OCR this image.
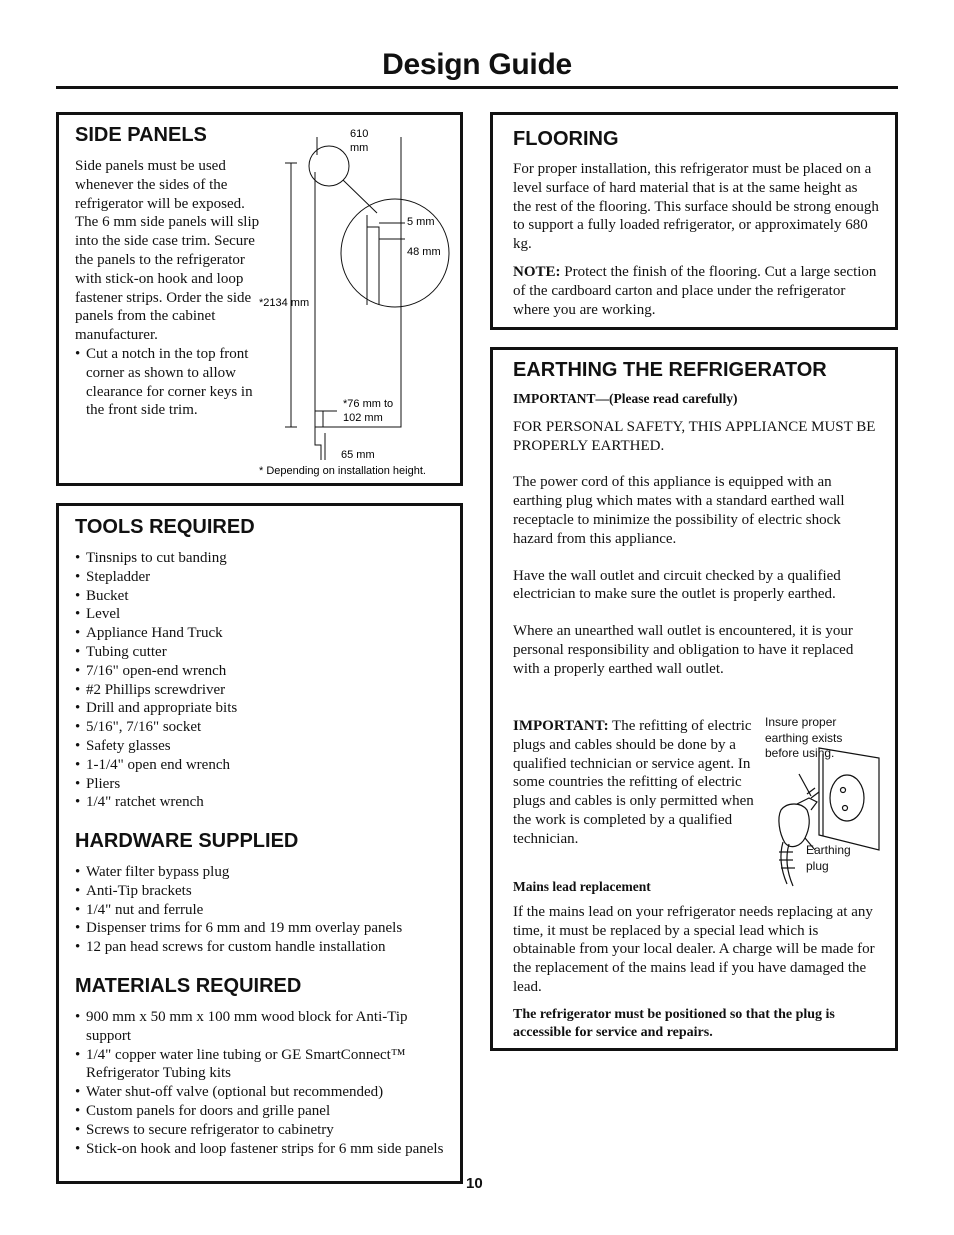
Design Guide
SIDE PANELS

Side panels must be used whenever the sides of the refrigerator will be exposed. The 6 mm side panels will slip into the side case trim. Secure the panels to the refrigerator with stick-on hook and loop fastener strips. Order the side panels from the cabinet manufacturer.

• Cut a notch in the top front corner as shown to allow clearance for corner keys in the front side trim.
610
mm
5 mm
48 mm
*2134 mm
*76 mm to
102 mm
65 mm
* Depending on installation height.
TOOLS REQUIRED
• Tinsnips to cut banding
• Stepladder
• Bucket
• Level
• Appliance Hand Truck
• Tubing cutter
• 7/16" open-end wrench
• #2 Phillips screwdriver
• Drill and appropriate bits
• 5/16", 7/16" socket
• Safety glasses
• 1-1/4" open end wrench
• Pliers
• 1/4" ratchet wrench
HARDWARE SUPPLIED
• Water filter bypass plug
• Anti-Tip brackets
• 1/4" nut and ferrule
• Dispenser trims for 6 mm and 19 mm overlay panels
• 12 pan head screws for custom handle installation
MATERIALS REQUIRED
• 900 mm x 50 mm x 100 mm wood block for Anti-Tip support
• 1/4" copper water line tubing or GE SmartConnect™ Refrigerator Tubing kits
• Water shut-off valve (optional but recommended)
• Custom panels for doors and grille panel
• Screws to secure refrigerator to cabinetry
• Stick-on hook and loop fastener strips for 6 mm side panels
FLOORING

For proper installation, this refrigerator must be placed on a level surface of hard material that is at the same height as the rest of the flooring. This surface should be strong enough to support a fully loaded refrigerator, or approximately 680 kg.

NOTE: Protect the finish of the flooring. Cut a large section of the cardboard carton and place under the refrigerator where you are working.

EARTHING THE REFRIGERATOR

IMPORTANT—(Please read carefully)

FOR PERSONAL SAFETY, THIS APPLIANCE MUST BE PROPERLY EARTHED.

The power cord of this appliance is equipped with an earthing plug which mates with a standard earthed wall receptacle to minimize the possibility of electric shock hazard from this appliance.

Have the wall outlet and circuit checked by a qualified electrician to make sure the outlet is properly earthed.

Where an unearthed wall outlet is encountered, it is your personal responsibility and obligation to have it replaced with a properly earthed wall outlet.

IMPORTANT: The refitting of electric plugs and cables should be done by a qualified technician or service agent. In some countries the refitting of electric plugs and cables is only permitted when the work is completed by a qualified technician.

Insure proper earthing exists before using.
Earthing plug

Mains lead replacement

If the mains lead on your refrigerator needs replacing at any time, it must be replaced by a special lead which is obtainable from your local dealer. A charge will be made for the replacement of the mains lead if you have damaged the lead.

The refrigerator must be positioned so that the plug is accessible for service and repairs.

10
